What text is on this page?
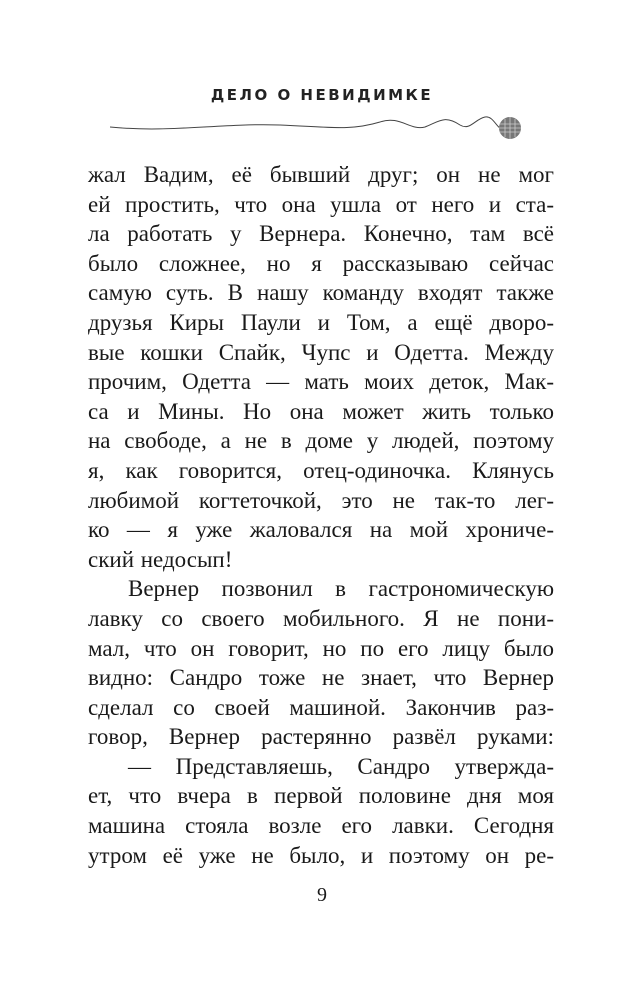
ДЕЛО О НЕВИДИМКЕ
жал Вадим, её бывший друг; он не мог
ей простить, что она ушла от него и ста-
ла работать у Вернера. Конечно, там всё
было сложнее, но я рассказываю сейчас
самую суть. В нашу команду входят также
друзья Киры Паули и Том, а ещё дворо-
вые кошки Спайк, Чупс и Одетта. Между
прочим, Одетта — мать моих деток, Мак-
са и Мины. Но она может жить только
на свободе, а не в доме у людей, поэтому
я, как говорится, отец-одиночка. Клянусь
любимой когтеточкой, это не так-то лег-
ко — я уже жаловался на мой хрониче-
ский недосып!
Вернер позвонил в гастрономическую
лавку со своего мобильного. Я не пони-
мал, что он говорит, но по его лицу было
видно: Сандро тоже не знает, что Вернер
сделал со своей машиной. Закончив раз-
говор, Вернер растерянно развёл руками:
— Представляешь, Сандро утвержда-
ет, что вчера в первой половине дня моя
машина стояла возле его лавки. Сегодня
утром её уже не было, и поэтому он ре-
9
